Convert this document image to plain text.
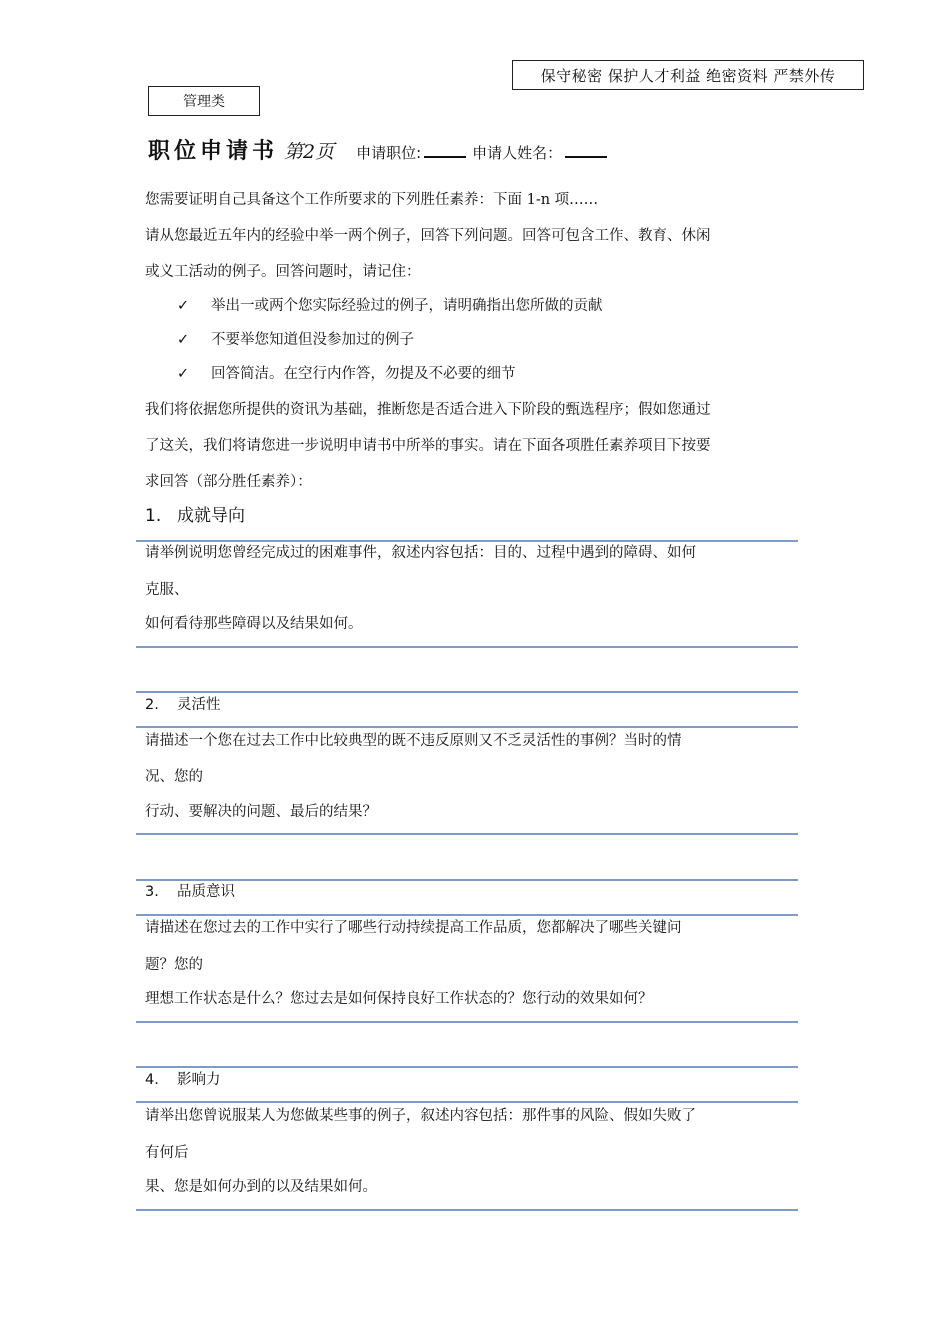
保守秘密 保护人才利益 绝密资料 严禁外传
管理类
职位申请书 第2页 申请职位:	申请人姓名：
您需要证明自己具备这个工作所要求的下列胜任素养：下面 1-n 项……
请从您最近五年内的经验中举一两个例子，回答下列问题。回答可包含工作、教育、休闲
或义工活动的例子。回答问题时，请记住：
✓	举出一或两个您实际经验过的例子，请明确指出您所做的贡献
✓	不要举您知道但没参加过的例子
✓	回答简洁。在空行内作答，勿提及不必要的细节
我们将依据您所提供的资讯为基础，推断您是否适合进入下阶段的甄选程序；假如您通过
了这关，我们将请您进一步说明申请书中所举的事实。请在下面各项胜任素养项目下按要
求回答（部分胜任素养）：
1. 成就导向
请举例说明您曾经完成过的困难事件，叙述内容包括：目的、过程中遇到的障碍、如何
克服、
如何看待那些障碍以及结果如何。
2.	灵活性
请描述一个您在过去工作中比较典型的既不违反原则又不乏灵活性的事例？当时的情
况、您的
行动、要解决的问题、最后的结果？
3.	品质意识
请描述在您过去的工作中实行了哪些行动持续提高工作品质，您都解决了哪些关键问
题？您的
理想工作状态是什么？您过去是如何保持良好工作状态的？您行动的效果如何？
4.	影响力
请举出您曾说服某人为您做某些事的例子，叙述内容包括：那件事的风险、假如失败了
有何后
果、您是如何办到的以及结果如何。
